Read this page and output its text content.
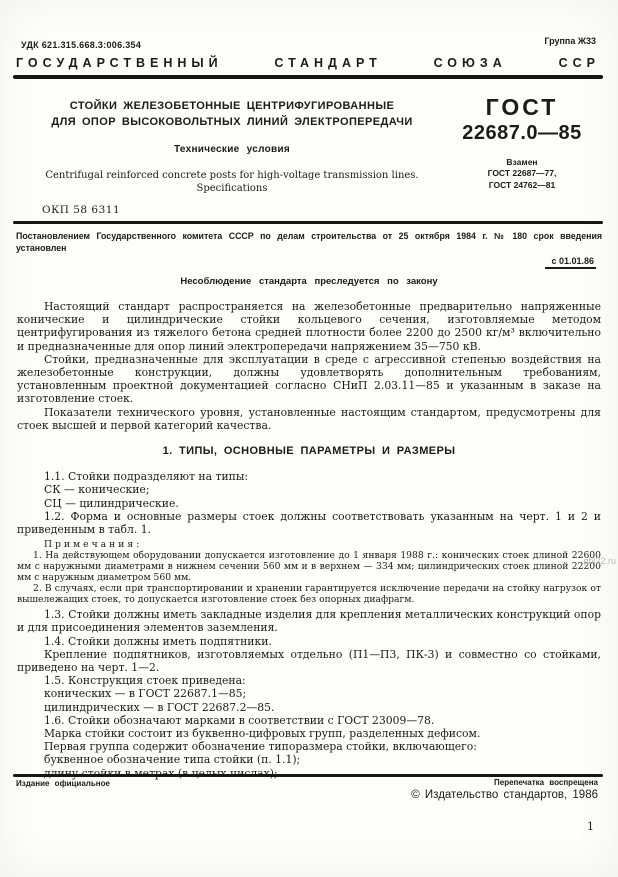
УДК 621.315.668.3:006.354	Группа Ж33
ГОСУДАРСТВЕННЫЙ СТАНДАРТ СОЮЗА ССР
СТОЙКИ ЖЕЛЕЗОБЕТОННЫЕ ЦЕНТРИФУГИРОВАННЫЕ
ДЛЯ ОПОР ВЫСОКОВОЛЬТНЫХ ЛИНИЙ ЭЛЕКТРОПЕРЕДАЧИ
Технические условия
Centrifugal reinforced concrete posts for high-voltage transmission lines.
Specifications
ГОСТ
22687.0—85
Взамен
ГОСТ 22687—77,
ГОСТ 24762—81
ОКП 58 6311
Постановлением Государственного комитета СССР по делам строительства от 25 октября 1984 г. № 180 срок введения установлен
с 01.01.86
Несоблюдение стандарта преследуется по закону

Настоящий стандарт распространяется на железобетонные предварительно напряженные конические и цилиндрические стойки кольцевого сечения, изготовляемые методом центрифугирования из тяжелого бетона средней плотности более 2200 до 2500 кг/м³ включительно и предназначенные для опор линий электропередачи напряжением 35—750 кВ.

Стойки, предназначенные для эксплуатации в среде с агрессивной степенью воздействия на железобетонные конструкции, должны удовлетворять дополнительным требованиям, установленным проектной документацией согласно СНиП 2.03.11—85 и указанным в заказе на изготовление стоек.

Показатели технического уровня, установленные настоящим стандартом, предусмотрены для стоек высшей и первой категорий качества.

1. ТИПЫ, ОСНОВНЫЕ ПАРАМЕТРЫ И РАЗМЕРЫ

1.1. Стойки подразделяют на типы:

СК — конические;

СЦ — цилиндрические.

1.2. Форма и основные размеры стоек должны соответствовать указанным на черт. 1 и 2 и приведенным в табл. 1.

Примечания:

1. На действующем оборудовании допускается изготовление до 1 января 1988 г.: конических стоек длиной 22600 мм с наружными диаметрами в нижнем сечении 560 мм и в верхнем — 334 мм; цилиндрических стоек длиной 22200 мм с наружным диаметром 560 мм.

2. В случаях, если при транспортировании и хранении гарантируется исключение передачи на стойку нагрузок от вышележащих стоек, то допускается изготовление стоек без опорных диафрагм.

1.3. Стойки должны иметь закладные изделия для крепления металлических конструкций опор и для присоединения элементов заземления.

1.4. Стойки должны иметь подпятники.

Крепление подпятников, изготовляемых отдельно (П1—П3, ПК-3) и совместно со стойками, приведено на черт. 1—2.

1.5. Конструкция стоек приведена:

конических — в ГОСТ 22687.1—85;

цилиндрических — в ГОСТ 22687.2—85.

1.6. Стойки обозначают марками в соответствии с ГОСТ 23009—78.

Марка стойки состоит из буквенно-цифровых групп, разделенных дефисом.

Первая группа содержит обозначение типоразмера стойки, включающего:

буквенное обозначение типа стойки (п. 1.1);

Издание официальное	Перепечатка воспрещена
© Издательство стандартов, 1986
1
gbl22.ru
